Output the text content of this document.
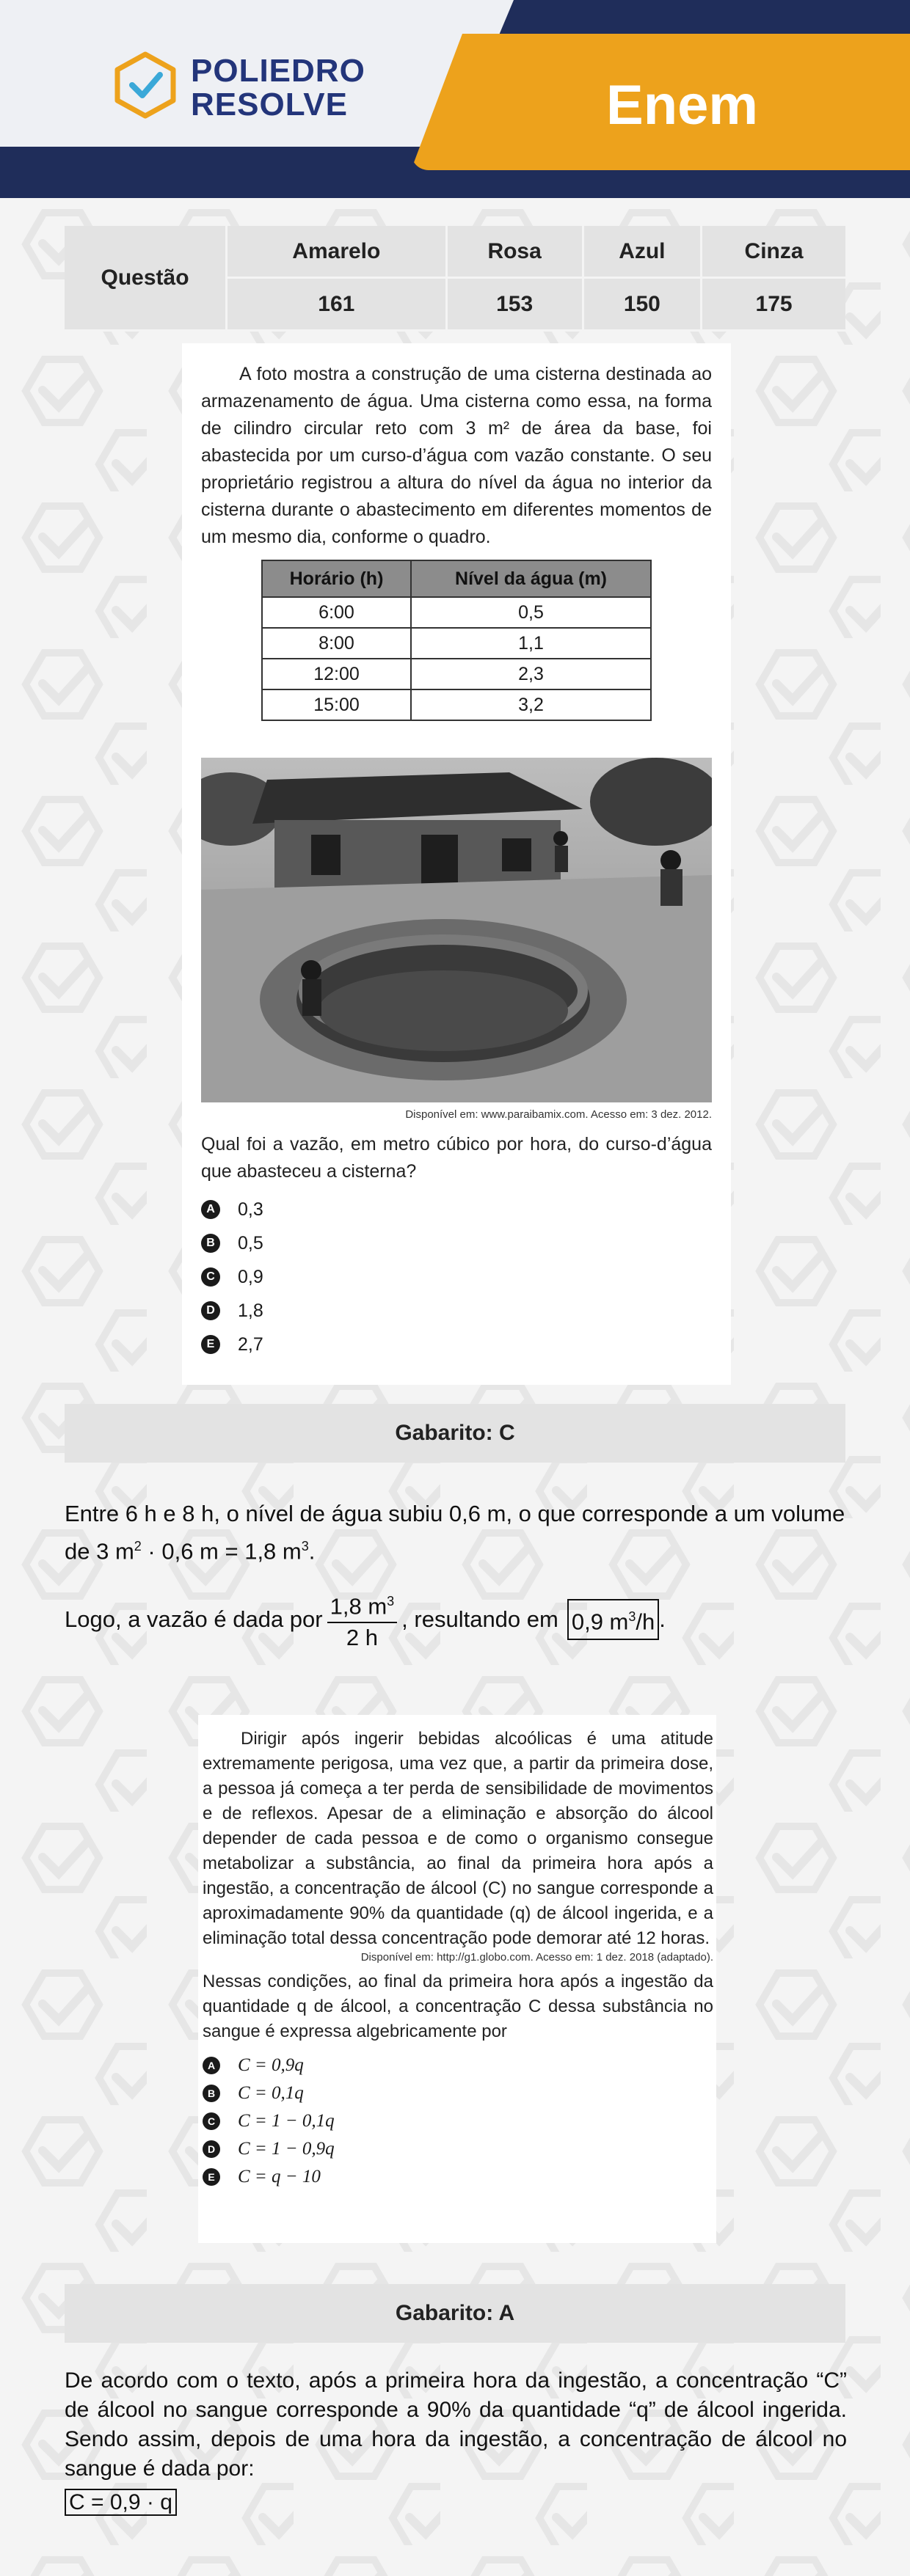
POLIEDRO
RESOLVE	Enem
Questão	Amarelo	Rosa	Azul	Cinza
	161	153	150	175

A foto mostra a construção de uma cisterna destinada ao armazenamento de água. Uma cisterna como essa, na forma de cilindro circular reto com 3 m² de área da base, foi abastecida por um curso-d’água com vazão constante. O seu proprietário registrou a altura do nível da água no interior da cisterna durante o abastecimento em diferentes momentos de um mesmo dia, conforme o quadro.

Horário (h)	Nível da água (m)
6:00	0,5
8:00	1,1
12:00	2,3
15:00	3,2

Disponível em: www.paraibamix.com. Acesso em: 3 dez. 2012.

Qual foi a vazão, em metro cúbico por hora, do curso-d’água que abasteceu a cisterna?

A 0,3
B 0,5
C 0,9
D 1,8
E	2,7
Gabarito: C
Entre 6 h e 8 h, o nível de água subiu 0,6 m, o que corresponde a um volume
de 3 $m^2 \cdot 0,6$ m = 1,8 $m^3$.
Logo, a vazão é dada por $\frac{1,8 m^3}{2 h}$ , resultando em 0,9 $m^3/h$ .

Dirigir após ingerir bebidas alcoólicas é uma atitude extremamente perigosa, uma vez que, a partir da primeira dose, a pessoa já começa a ter perda de sensibilidade de movimentos e de reflexos. Apesar de a eliminação e absorção do álcool depender de cada pessoa e de como o organismo consegue metabolizar a substância, ao final da primeira hora após a ingestão, a concentração de álcool (C) no sangue corresponde a aproximadamente 90% da quantidade (q) de álcool ingerida, e a eliminação total dessa concentração pode demorar até 12 horas.

Disponível em: http://g1.globo.com. Acesso em: 1 dez. 2018 (adaptado).

Nessas condições, ao final da primeira hora após a ingestão da quantidade q de álcool, a concentração C dessa substância no sangue é expressa algebricamente por

A C = 0,9q
B C = 0,1q
C C = 1 − 0,1q
D C = 1 − 0,9q
E C = q − 10
Gabarito: A
De acordo com o texto, após a primeira hora da ingestão, a concentração “C” de álcool no sangue corresponde a 90% da quantidade “q” de álcool ingerida. Sendo assim, depois de uma hora da ingestão, a concentração de álcool no sangue é dada por:
C = 0,9 · q
